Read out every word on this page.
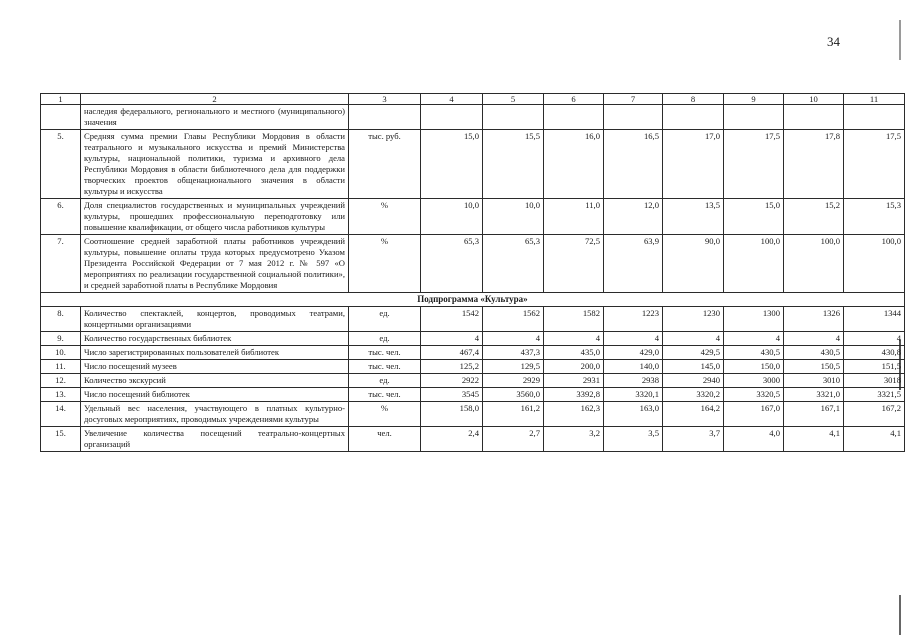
34
1	2	3	4	5	6	7	8	9	10	11
	наследия федерального, регионального и местного (муниципального) значения									
5.	Средняя сумма премии Главы Республики Мордовия в области театрального и музыкального искусства и премий Министерства культуры, национальной политики, туризма и архивного дела Республики Мордовия в области библиотечного дела для поддержки творческих проектов общенационального значения в области культуры и искусства	тыс. руб.	15,0	15,5	16,0	16,5	17,0	17,5	17,8	17,5
6.	Доля специалистов государственных и муниципальных учреждений культуры, прошедших профессиональную переподготовку или повышение квалификации, от общего числа работников культуры	%	10,0	10,0	11,0	12,0	13,5	15,0	15,2	15,3
7.	Соотношение средней заработной платы работников учреждений культуры, повышение оплаты труда которых предусмотрено Указом Президента Российской Федерации от 7 мая 2012 г. № 597 «О мероприятиях по реализации государственной социальной политики», и средней заработной платы в Республике Мордовия	%	65,3	65,3	72,5	63,9	90,0	100,0	100,0	100,0
Подпрограмма «Культура»										
8.	Количество спектаклей, концертов, проводимых театрами, концертными организациями	ед.	1542	1562	1582	1223	1230	1300	1326	1344
9.	Количество государственных библиотек	ед.	4	4	4	4	4	4	4	4
10.	Число зарегистрированных пользователей библиотек	тыс. чел.	467,4	437,3	435,0	429,0	429,5	430,5	430,5	430,8
11.	Число посещений музеев	тыс. чел.	125,2	129,5	200,0	140,0	145,0	150,0	150,5	151,5
12.	Количество экскурсий	ед.	2922	2929	2931	2938	2940	3000	3010	3018
13.	Число посещений библиотек	тыс. чел.	3545	3560,0	3392,8	3320,1	3320,2	3320,5	3321,0	3321,5
14.	Удельный вес населения, участвующего в платных культурно-досуговых мероприятиях, проводимых учреждениями культуры	%	158,0	161,2	162,3	163,0	164,2	167,0	167,1	167,2
15.	Увеличение количества посещений театрально-концертных организаций	чел.	2,4	2,7	3,2	3,5	3,7	4,0	4,1	4,1
